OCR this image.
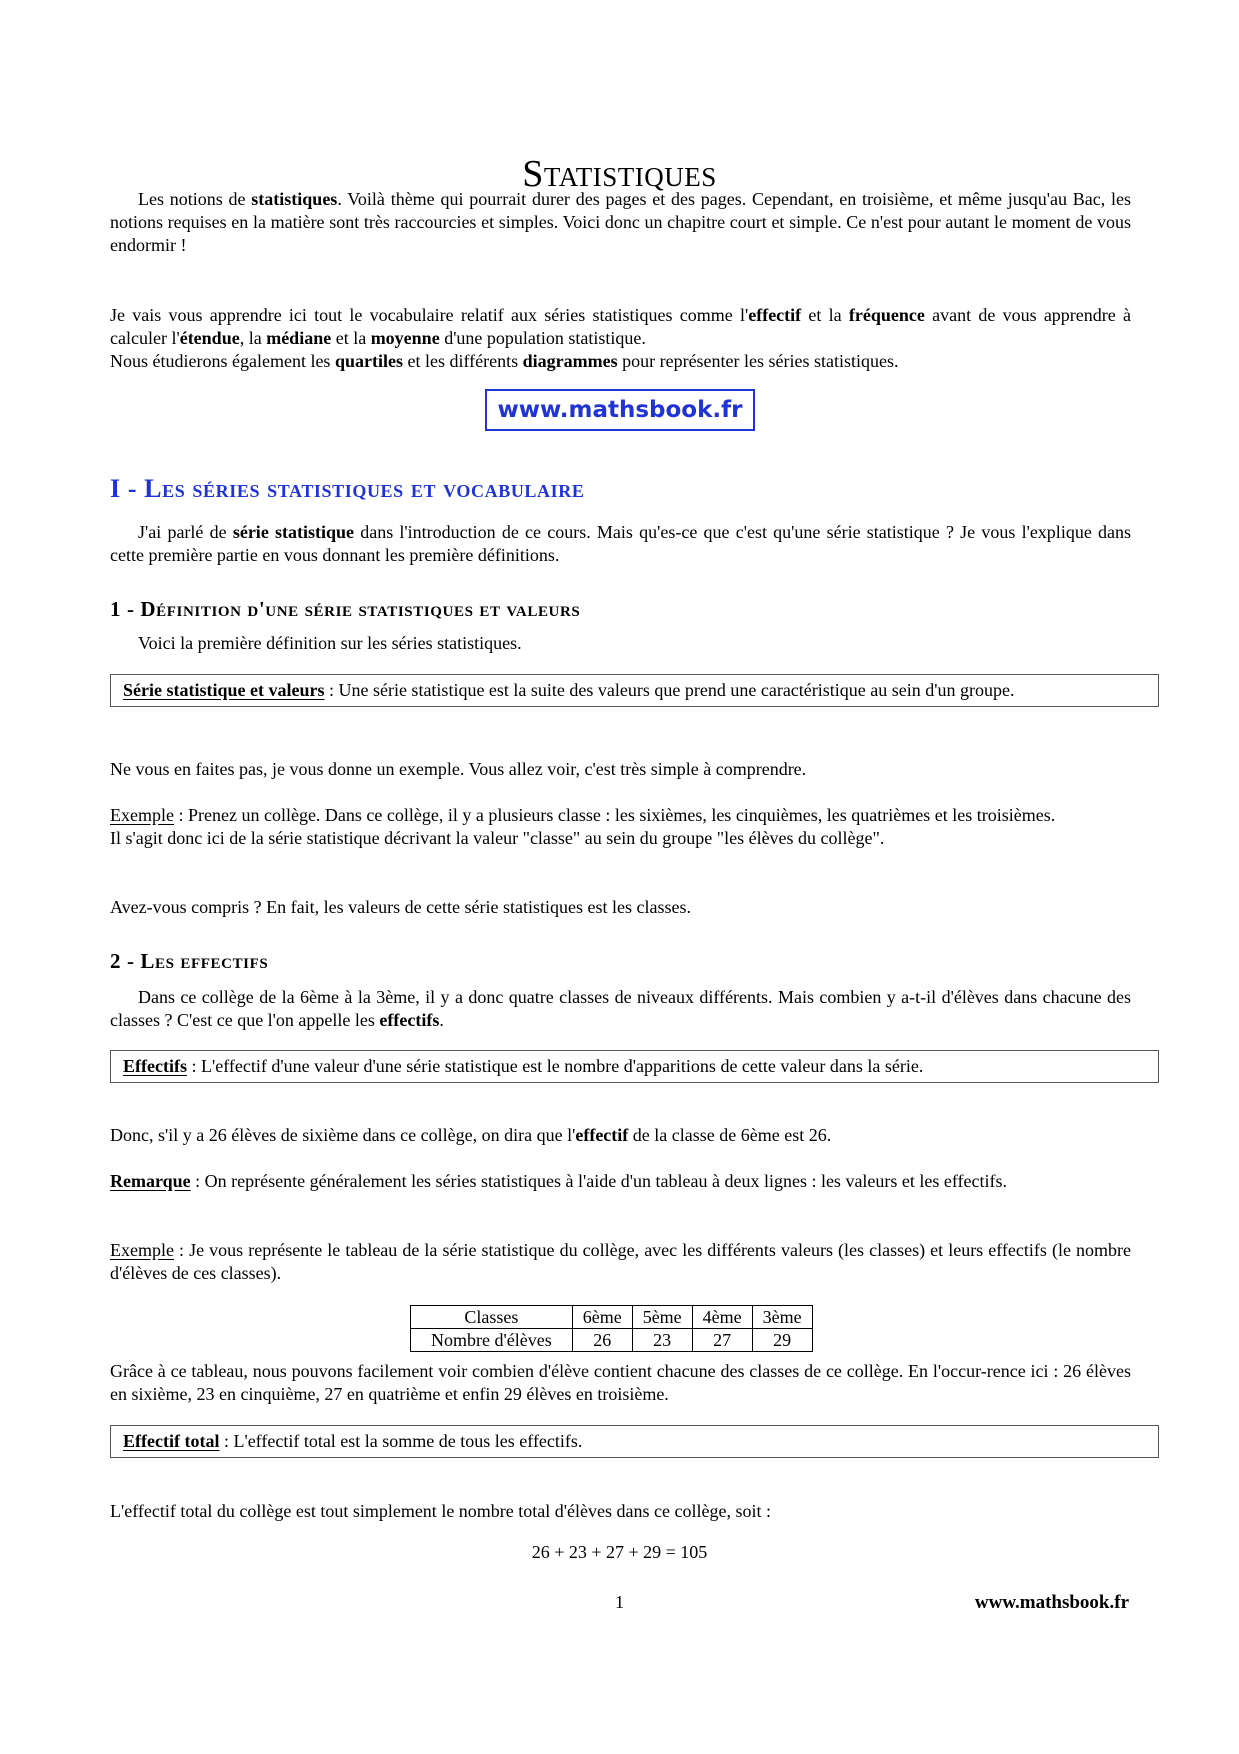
Statistiques
Les notions de statistiques. Voilà thème qui pourrait durer des pages et des pages. Cependant, en troisième, et même jusqu'au Bac, les notions requises en la matière sont très raccourcies et simples. Voici donc un chapitre court et simple. Ce n'est pour autant le moment de vous endormir !
Je vais vous apprendre ici tout le vocabulaire relatif aux séries statistiques comme l'effectif et la fréquence avant de vous apprendre à calculer l'étendue, la médiane et la moyenne d'une population statistique.
Nous étudierons également les quartiles et les différents diagrammes pour représenter les séries statistiques.
www.mathsbook.fr
I - Les séries statistiques et vocabulaire
J'ai parlé de série statistique dans l'introduction de ce cours. Mais qu'es-ce que c'est qu'une série statistique ? Je vous l'explique dans cette première partie en vous donnant les première définitions.
1 - Définition d'une série statistiques et valeurs
Voici la première définition sur les séries statistiques.
Série statistique et valeurs : Une série statistique est la suite des valeurs que prend une caractéristique au sein d'un groupe.
Ne vous en faites pas, je vous donne un exemple. Vous allez voir, c'est très simple à comprendre.
Exemple : Prenez un collège. Dans ce collège, il y a plusieurs classe : les sixièmes, les cinquièmes, les quatrièmes et les troisièmes.
Il s'agit donc ici de la série statistique décrivant la valeur "classe" au sein du groupe "les élèves du collège".
Avez-vous compris ? En fait, les valeurs de cette série statistiques est les classes.
2 - Les effectifs
Dans ce collège de la 6ème à la 3ème, il y a donc quatre classes de niveaux différents. Mais combien y a-t-il d'élèves dans chacune des classes ? C'est ce que l'on appelle les effectifs.
Effectifs : L'effectif d'une valeur d'une série statistique est le nombre d'apparitions de cette valeur dans la série.
Donc, s'il y a 26 élèves de sixième dans ce collège, on dira que l'effectif de la classe de 6ème est 26.
Remarque : On représente généralement les séries statistiques à l'aide d'un tableau à deux lignes : les valeurs et les effectifs.
Exemple : Je vous représente le tableau de la série statistique du collège, avec les différents valeurs (les classes) et leurs effectifs (le nombre d'élèves de ces classes).
Classes	6ème	5ème	4ème	3ème
Nombre d'élèves	26	23	27	29
Grâce à ce tableau, nous pouvons facilement voir combien d'élève contient chacune des classes de ce collège. En l'occur-rence ici : 26 élèves en sixième, 23 en cinquième, 27 en quatrième et enfin 29 élèves en troisième.
Effectif total : L'effectif total est la somme de tous les effectifs.
L'effectif total du collège est tout simplement le nombre total d'élèves dans ce collège, soit :
26 + 23 + 27 + 29 = 105
1	www.mathsbook.fr
